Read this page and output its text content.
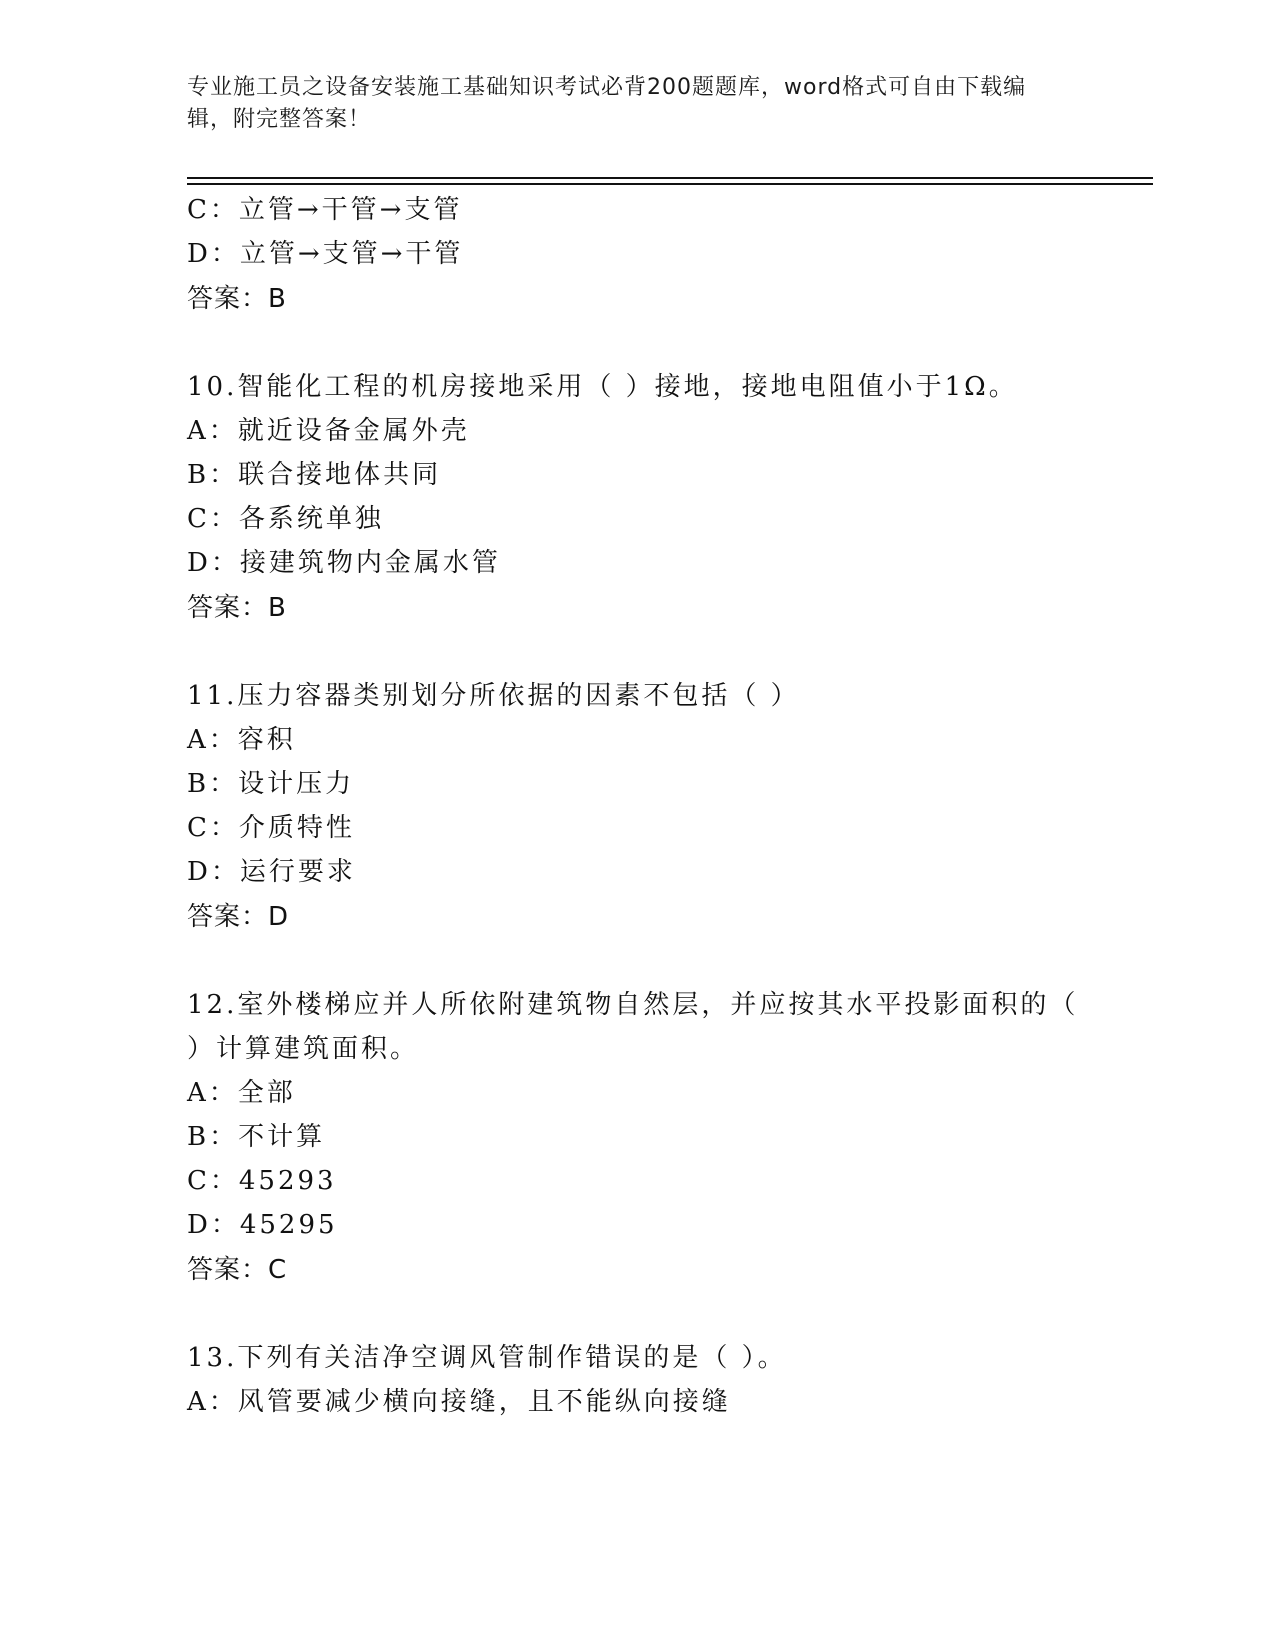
专业施工员之设备安装施工基础知识考试必背200题题库，word格式可自由下载编辑，附完整答案！
C：立管→干管→支管
D：立管→支管→干管
答案：B
10.智能化工程的机房接地采用（ ）接地，接地电阻值小于1Ω。
A：就近设备金属外壳
B：联合接地体共同
C：各系统单独
D：接建筑物内金属水管
答案：B
11.压力容器类别划分所依据的因素不包括（ ）
A：容积
B：设计压力
C：介质特性
D：运行要求
答案：D
12.室外楼梯应并人所依附建筑物自然层，并应按其水平投影面积的（
）计算建筑面积。
A：全部
B：不计算
C：45293
D：45295
答案：C
13.下列有关洁净空调风管制作错误的是（ ）。
A：风管要减少横向接缝，且不能纵向接缝
